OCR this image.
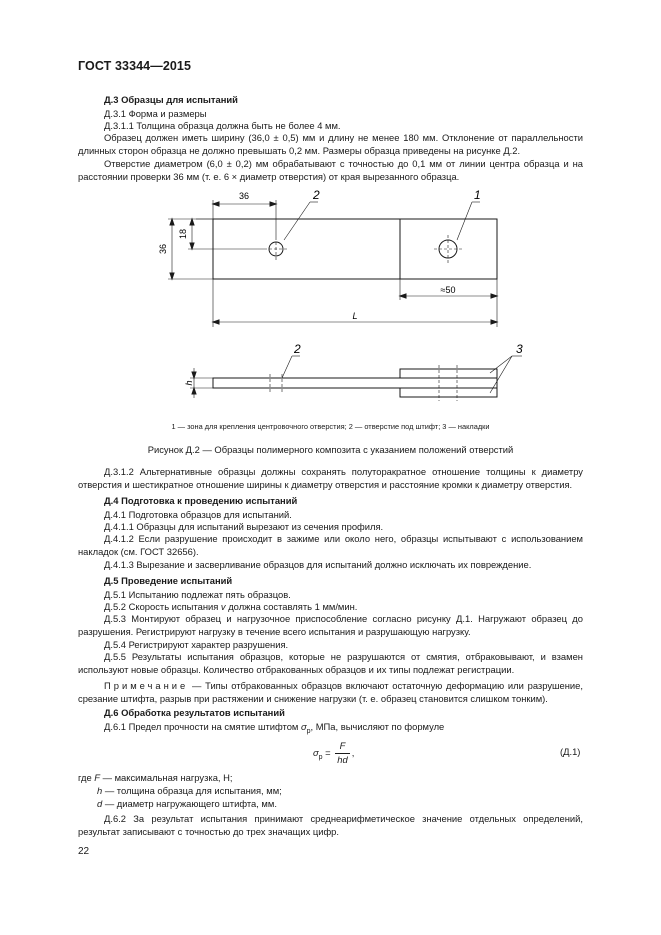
ГОСТ 33344—2015
Д.3 Образцы для испытаний

Д.3.1 Форма и размеры

Д.3.1.1 Толщина образца должна быть не более 4 мм.

Образец должен иметь ширину (36,0 ± 0,5) мм и длину не менее 180 мм. Отклонение от параллельности длинных сторон образца не должно превышать 0,2 мм. Размеры образца приведены на рисунке Д.2.

Отверстие диаметром (6,0 ± 0,2) мм обрабатывают с точностью до 0,1 мм от линии центра образца и на расстоянии проверки 36 мм (т. е. 6 × диаметр отверстия) от края вырезанного образца.

36
18
36
≈50
L
h
2	1
2	3
1 — зона для крепления центровочного отверстия; 2 — отверстие под штифт; 3 — накладки
Рисунок Д.2 — Образцы полимерного композита с указанием положений отверстий

Д.3.1.2 Альтернативные образцы должны сохранять полуторакратное отношение толщины к диаметру отверстия и шестикратное отношение ширины к диаметру отверстия и расстояние кромки к диаметру отверстия.

Д.4 Подготовка к проведению испытаний

Д.4.1 Подготовка образцов для испытаний.

Д.4.1.1 Образцы для испытаний вырезают из сечения профиля.

Д.4.1.2 Если разрушение происходит в зажиме или около него, образцы испытывают с использованием накладок (см. ГОСТ 32656).

Д.4.1.3 Вырезание и засверливание образцов для испытаний должно исключать их повреждение.

Д.5 Проведение испытаний

Д.5.1 Испытанию подлежат пять образцов.

Д.5.2 Скорость испытания v должна составлять 1 мм/мин.

Д.5.3 Монтируют образец и нагрузочное приспособление согласно рисунку Д.1. Нагружают образец до разрушения. Регистрируют нагрузку в течение всего испытания и разрушающую нагрузку.

Д.5.4 Регистрируют характер разрушения.

Д.5.5 Результаты испытания образцов, которые не разрушаются от смятия, отбраковывают, и взамен используют новые образцы. Количество отбракованных образцов и их типы подлежат регистрации.

Примечание — Типы отбракованных образцов включают остаточную деформацию или разрушение, срезание штифта, разрыв при растяжении и снижение нагрузки (т. е. образец становится слишком тонким).

Д.6 Обработка результатов испытаний

Д.6.1 Предел прочности на смятие штифтом $\sigma_p$, МПа, вычисляют по формуле

$\sigma_p = \frac{F}{hd}$ ,	(Д.1)

где F — максимальная нагрузка, Н;

h — толщина образца для испытания, мм;

d — диаметр нагружающего штифта, мм.

Д.6.2 За результат испытания принимают среднеарифметическое значение отдельных определений, результат записывают с точностью до трех значащих цифр.

22
